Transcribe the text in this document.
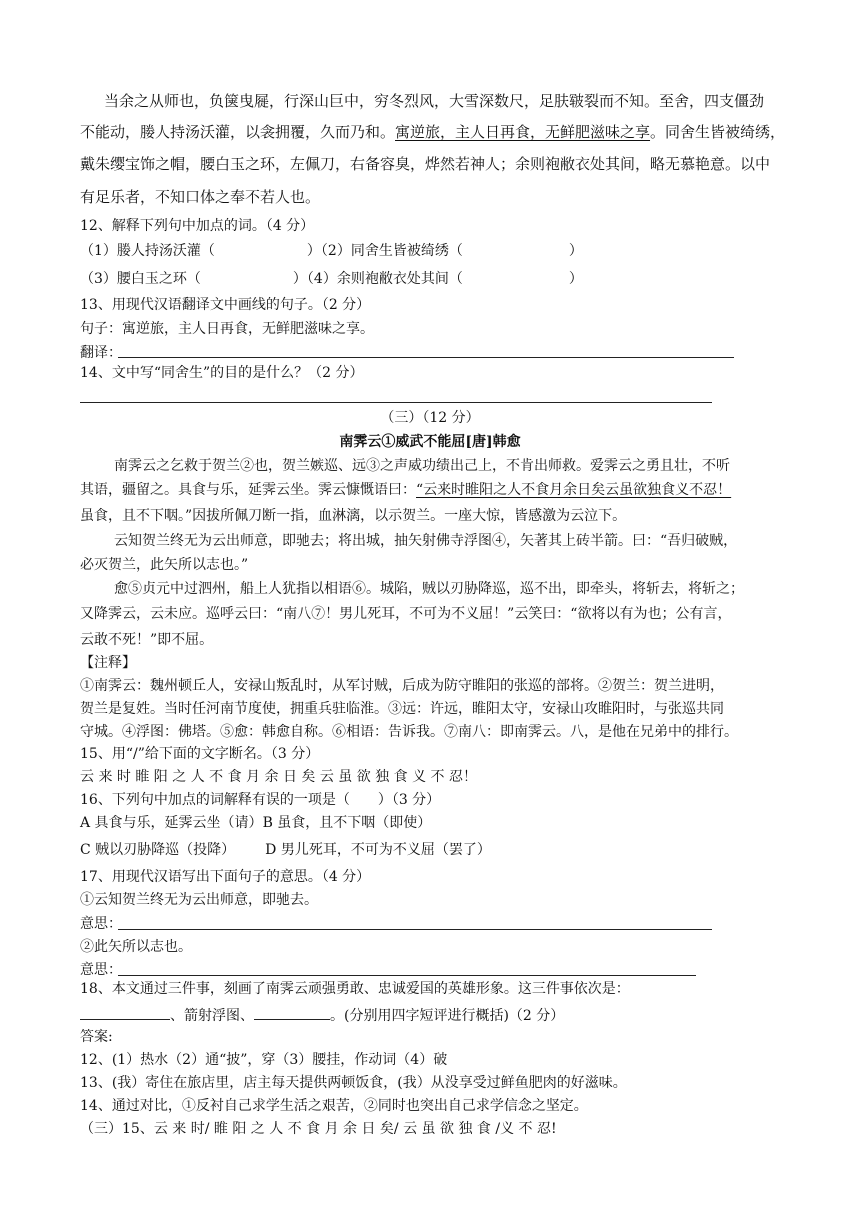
当余之从师也，负箧曳屣，行深山巨中，穷冬烈风，大雪深数尺，足肤皲裂而不知。至舍，四支僵劲
不能动，媵人持汤沃灌，以衾拥覆，久而乃和。寓逆旅，主人日再食，无鲜肥滋味之享。同舍生皆被绮绣，
戴朱缨宝饰之帽，腰白玉之环，左佩刀，右备容臭，烨然若神人；余则袍敝衣处其间，略无慕艳意。以中
有足乐者，不知口体之奉不若人也。
12、解释下列句中加点的词。（4 分）
（1）媵人持汤沃灌（	）（2）同舍生皆被绮绣（	）
（3）腰白玉之环（	）（4）余则袍敝衣处其间（	）
13、用现代汉语翻译文中画线的句子。（2 分）
句子：寓逆旅，主人日再食，无鲜肥滋味之享。
翻译：
14、文中写“同舍生”的目的是什么？（2 分）
（三）（12 分）
南霁云①威武不能屈[唐]韩愈
南霁云之乞救于贺兰②也，贺兰嫉巡、远③之声威功绩出己上，不肯出师救。爱霁云之勇且壮，不听
其语，疆留之。具食与乐，延霁云坐。霁云慷慨语曰：“云来时睢阳之人不食月余日矣云虽欲独食义不忍！
虽食，且不下咽。”因拔所佩刀断一指，血淋漓，以示贺兰。一座大惊，皆感激为云泣下。
云知贺兰终无为云出师意，即驰去；将出城，抽矢射佛寺浮图④，矢著其上砖半箭。曰：“吾归破贼，
必灭贺兰，此矢所以志也。”
愈⑤贞元中过泗州，船上人犹指以相语⑥。城陷，贼以刃胁降巡，巡不出，即牵头，将斩去，将斩之；
又降霁云，云未应。巡呼云曰：“南八⑦！男儿死耳，不可为不义屈！”云笑曰：“欲将以有为也；公有言，
云敢不死！”即不屈。
【注释】
①南霁云：魏州顿丘人，安禄山叛乱时，从军讨贼，后成为防守睢阳的张巡的部将。②贺兰：贺兰进明，
贺兰是复姓。当时任河南节度使，拥重兵驻临淮。③远：许远，睢阳太守，安禄山攻睢阳时，与张巡共同
守城。④浮图：佛塔。⑤愈：韩愈自称。⑥相语：告诉我。⑦南八：即南霁云。八，是他在兄弟中的排行。
15、用“/”给下面的文字断名。（3 分）
云 来 时 睢 阳 之 人 不 食 月 余 日 矣 云 虽 欲 独 食 义 不 忍！
16、下列句中加点的词解释有误的一项是（ ）（3 分）
A 具食与乐，延霁云坐（请）B 虽食，且不下咽（即使）
C 贼以刃胁降巡（投降） D 男儿死耳，不可为不义屈（罢了）
17、用现代汉语写出下面句子的意思。（4 分）
①云知贺兰终无为云出师意，即驰去。
意思：
②此矢所以志也。
意思：
18、本文通过三件事，刻画了南霁云顽强勇敢、忠诚爱国的英雄形象。这三件事依次是：
、箭射浮图、	。(分别用四字短评进行概括)（2 分）
答案:
12、(1）热水（2）通“披”，穿（3）腰挂，作动词（4）破
13、(我）寄住在旅店里，店主每天提供两顿饭食，(我）从没享受过鲜鱼肥肉的好滋味。
14、通过对比，①反衬自己求学生活之艰苦，②同时也突出自己求学信念之坚定。
（三）15、云 来 时/ 睢 阳 之 人 不 食 月 余 日 矣/ 云 虽 欲 独 食 /义 不 忍!
